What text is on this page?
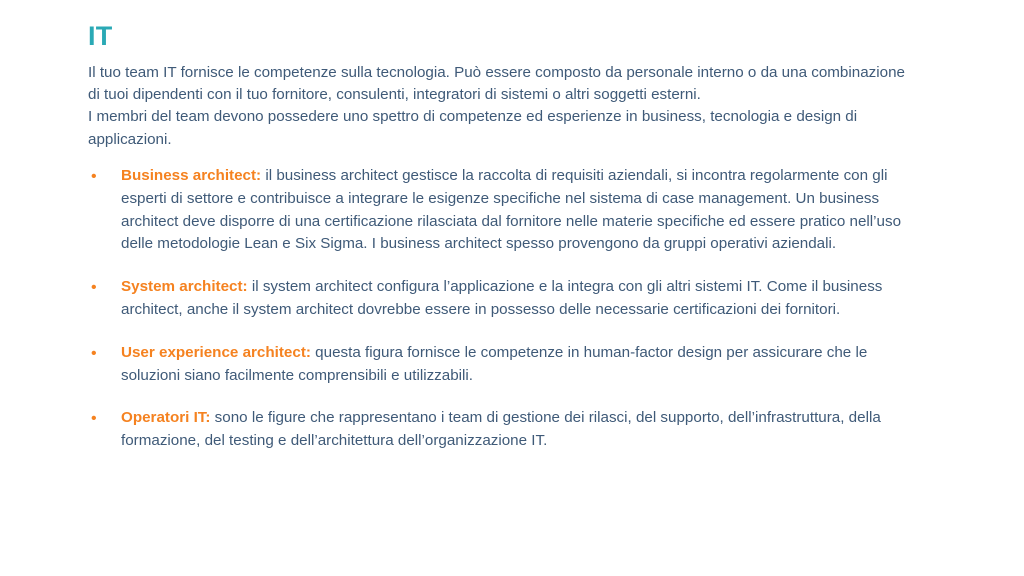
IT

Il tuo team IT fornisce le competenze sulla tecnologia. Può essere composto da personale interno o da una combinazione di tuoi dipendenti con il tuo fornitore, consulenti, integratori di sistemi o altri soggetti esterni.

I membri del team devono possedere uno spettro di competenze ed esperienze in business, tecnologia e design di applicazioni.

• Business architect: il business architect gestisce la raccolta di requisiti aziendali, si incontra regolarmente con gli esperti di settore e contribuisce a integrare le esigenze specifiche nel sistema di case management. Un business architect deve disporre di una certificazione rilasciata dal fornitore nelle materie specifiche ed essere pratico nell’uso delle metodologie Lean e Six Sigma. I business architect spesso provengono da gruppi operativi aziendali.
• System architect: il system architect configura l’applicazione e la integra con gli altri sistemi IT. Come il business architect, anche il system architect dovrebbe essere in possesso delle necessarie certificazioni dei fornitori.
• User experience architect: questa figura fornisce le competenze in human-factor design per assicurare che le soluzioni siano facilmente comprensibili e utilizzabili.
• Operatori IT: sono le figure che rappresentano i team di gestione dei rilasci, del supporto, dell’infrastruttura, della formazione, del testing e dell’architettura dell’organizzazione IT.
